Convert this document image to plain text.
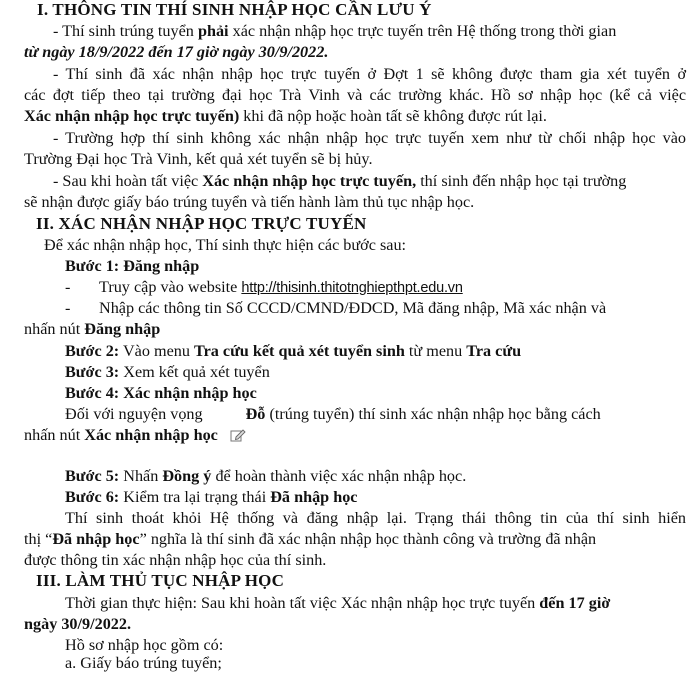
I. THÔNG TIN THÍ SINH NHẬP HỌC CẦN LƯU Ý
- Thí sinh trúng tuyển phải xác nhận nhập học trực tuyến trên Hệ thống trong thời gian
từ ngày 18/9/2022 đến 17 giờ ngày 30/9/2022.
- Thí sinh đã xác nhận nhập học trực tuyến ở Đợt 1 sẽ không được tham gia xét tuyển ở
các đợt tiếp theo tại trường đại học Trà Vinh và các trường khác. Hồ sơ nhập học (kể cả việc
Xác nhận nhập học trực tuyến) khi đã nộp hoặc hoàn tất sẽ không được rút lại.
- Trường hợp thí sinh không xác nhận nhập học trực tuyến xem như từ chối nhập học vào
Trường Đại học Trà Vinh, kết quả xét tuyển sẽ bị hủy.
- Sau khi hoàn tất việc Xác nhận nhập học trực tuyến, thí sinh đến nhập học tại trường
sẽ nhận được giấy báo trúng tuyển và tiến hành làm thủ tục nhập học.
II. XÁC NHẬN NHẬP HỌC TRỰC TUYẾN
Để xác nhận nhập học, Thí sinh thực hiện các bước sau:
Bước 1: Đăng nhập
- Truy cập vào website http://thisinh.thitotnghiepthpt.edu.vn
- Nhập các thông tin Số CCCD/CMND/ĐDCD, Mã đăng nhập, Mã xác nhận và
nhấn nút Đăng nhập
Bước 2: Vào menu Tra cứu kết quả xét tuyển sinh từ menu Tra cứu
Bước 3: Xem kết quả xét tuyển
Bước 4: Xác nhận nhập học
Đối với nguyện vọng	Đỗ (trúng tuyển) thí sinh xác nhận nhập học bằng cách
nhấn nút Xác nhận nhập học
Bước 5: Nhấn Đồng ý để hoàn thành việc xác nhận nhập học.
Bước 6: Kiểm tra lại trạng thái Đã nhập học
Thí sinh thoát khỏi Hệ thống và đăng nhập lại. Trạng thái thông tin của thí sinh hiển
thị “Đã nhập học” nghĩa là thí sinh đã xác nhận nhập học thành công và trường đã nhận
được thông tin xác nhận nhập học của thí sinh.
III. LÀM THỦ TỤC NHẬP HỌC
Thời gian thực hiện: Sau khi hoàn tất việc Xác nhận nhập học trực tuyến đến 17 giờ
ngày 30/9/2022.
Hồ sơ nhập học gồm có:
a. Giấy báo trúng tuyển;
